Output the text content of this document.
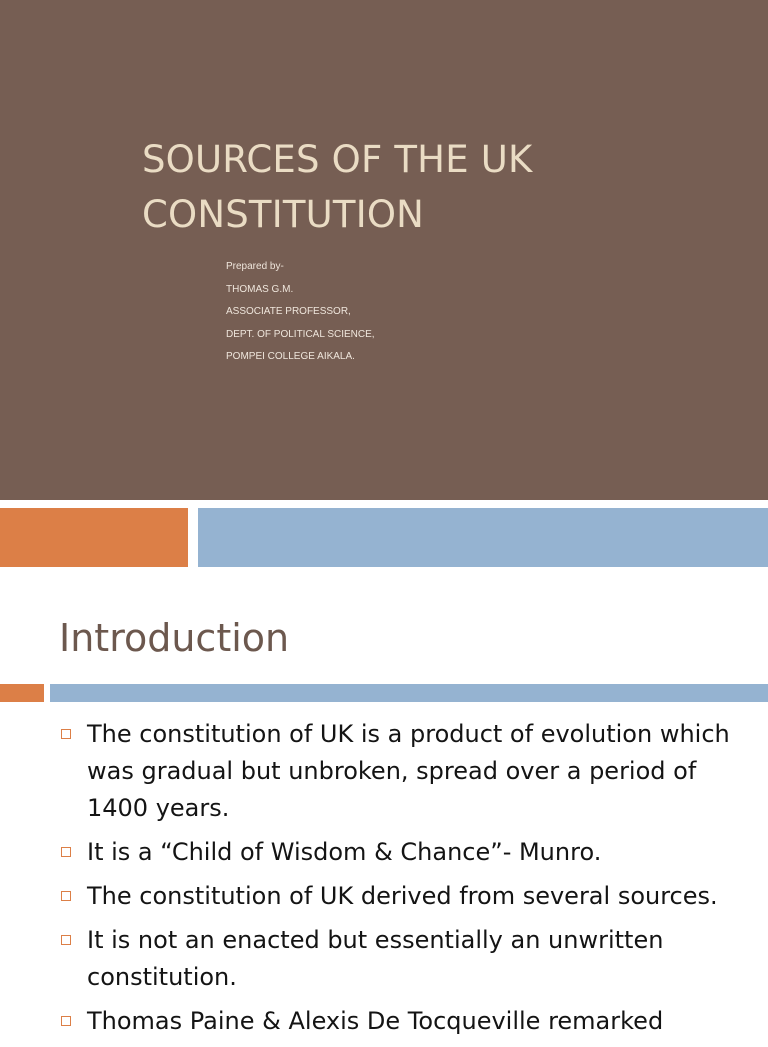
SOURCES OF THE UK
CONSTITUTION
Prepared by-
THOMAS G.M.
ASSOCIATE PROFESSOR,
DEPT. OF POLITICAL SCIENCE,
POMPEI COLLEGE AIKALA.
Introduction
The constitution of UK is a product of evolution which was gradual but unbroken, spread over a period of 1400 years.
It is a “Child of Wisdom & Chance”- Munro.
The constitution of UK derived from several sources.
It is not an enacted but essentially an unwritten constitution.
Thomas Paine & Alexis De Tocqueville remarked
